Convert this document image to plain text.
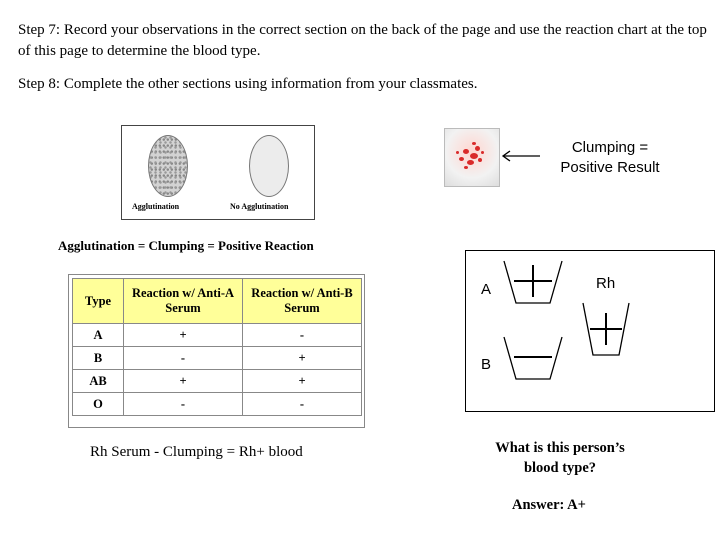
Step 7: Record your observations in the correct section on the back of the page and use the reaction chart at the top of this page to determine the blood type.
Step 8: Complete the other sections using information from your classmates.
Agglutination	No Agglutination
Agglutination = Clumping = Positive Reaction
Type	Reaction w/ Anti-A Serum	Reaction w/ Anti-B Serum
A	+	-
B	-	+
AB	+	+
O	-	-
Rh Serum - Clumping = Rh+ blood
Clumping =
Positive Result
A
B
Rh
What is this person’s
blood type?
Answer: A+
